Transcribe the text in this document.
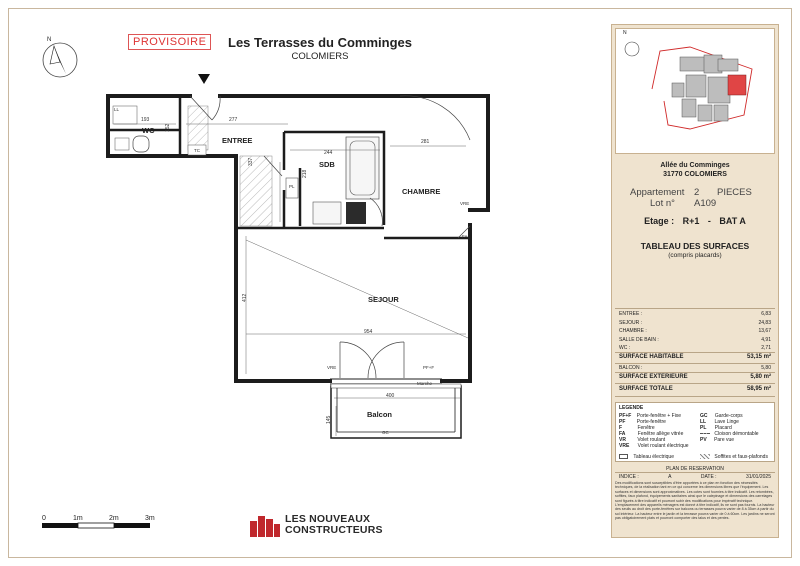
N	PROVISOIRE	Les Terrasses du Comminges
COLOMIERS
WC
ENTREE
SDB
CHAMBRE
SEJOUR
Balcon
193	277
152
281
244
337
218
412
954
400
145
LL
TC
PL
VRE
FA
VRE	PF+F
Marche
GC
0	1m	2m	3m	LES NOUVEAUX
CONSTRUCTEURS
N
Allée du Comminges
31770 COLOMIERS
Appartement 2 PIECES
Lot n° A109
Etage : R+1 - BAT A
TABLEAU DES SURFACES
(compris placards)
ENTREE :	6,83
SEJOUR :	24,83
CHAMBRE :	13,67
SALLE DE BAIN :	4,91
WC :	2,71
SURFACE HABITABLE	53,15 m²
BALCON :	5,80
SURFACE EXTERIEURE	5,80 m²
SURFACE TOTALE	58,95 m²
LEGENDE
PF+F Porte-fenêtre + Fixe
PF Porte-fenêtre
F	Fenêtre
FA Fenêtre allège vitrée
VR Volet roulant
VRE Volet roulant électrique
GC Garde-corps
LL Lave Linge
PL Placard
Cloison démontable
PV Pare vue
Tableau électrique	Soffites et faux-plafonds
PLAN DE RESERVATION
INDICE :	A	DATE :	31/01/2025
Des modifications sont susceptibles d'être apportées à ce plan en fonction des nécessités techniques, de la réalisation tant en ce qui concerne les dimensions libres que l'équipement. Les surfaces et dimensions sont approximatives. Les cotes sont fournies à titre indicatif. Les retombées, soffites, faux plafond, équipements sanitaires ainsi que le calepinage et dimensions des carrelages sont figurés à titre indicatif et pourront subir des modifications pour impératif technique. L'emplacement des appareils ménagers est donné à titre indicatif, ils ne sont pas fournis. La hauteur des seuils au droit des porte-fenêtres sur balcons ou terrasses pourra varier de 8 à 35cm à partir du sol intérieur. La hauteur entre le jardin et la terrasse pourra varier de 0 à 60cm. Les jardins ne seront pas obligatoirement plats et pourront comporter des talus et des pentes.
